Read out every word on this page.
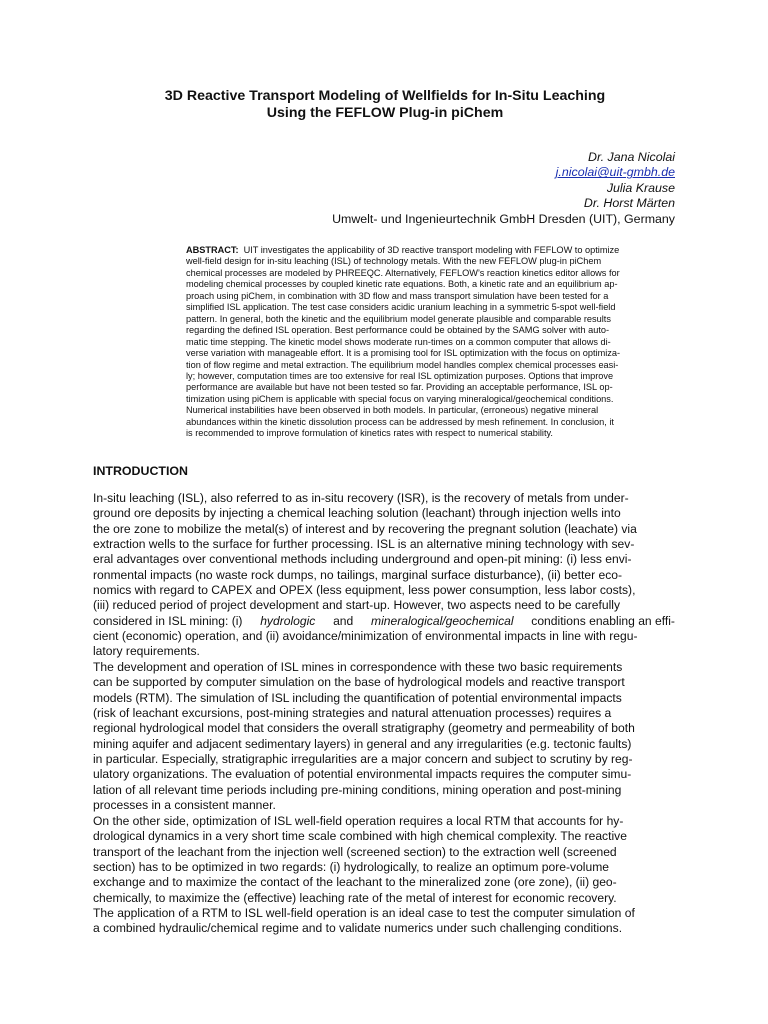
3D Reactive Transport Modeling of Wellfields for In-Situ Leaching
Using the FEFLOW Plug-in piChem
Dr. Jana Nicolai
j.nicolai@uit-gmbh.de
Julia Krause
Dr. Horst Märten
Umwelt- und Ingenieurtechnik GmbH Dresden (UIT), Germany
ABSTRACT: UIT investigates the applicability of 3D reactive transport modeling with FEFLOW to optimize
well-field design for in-situ leaching (ISL) of technology metals. With the new FEFLOW plug-in piChem
chemical processes are modeled by PHREEQC. Alternatively, FEFLOW’s reaction kinetics editor allows for
modeling chemical processes by coupled kinetic rate equations. Both, a kinetic rate and an equilibrium ap-
proach using piChem, in combination with 3D flow and mass transport simulation have been tested for a
simplified ISL application. The test case considers acidic uranium leaching in a symmetric 5-spot well-field
pattern. In general, both the kinetic and the equilibrium model generate plausible and comparable results
regarding the defined ISL operation. Best performance could be obtained by the SAMG solver with auto-
matic time stepping. The kinetic model shows moderate run-times on a common computer that allows di-
verse variation with manageable effort. It is a promising tool for ISL optimization with the focus on optimiza-
tion of flow regime and metal extraction. The equilibrium model handles complex chemical processes easi-
ly; however, computation times are too extensive for real ISL optimization purposes. Options that improve
performance are available but have not been tested so far. Providing an acceptable performance, ISL op-
timization using piChem is applicable with special focus on varying mineralogical/geochemical conditions.
Numerical instabilities have been observed in both models. In particular, (erroneous) negative mineral
abundances within the kinetic dissolution process can be addressed by mesh refinement. In conclusion, it
is recommended to improve formulation of kinetics rates with respect to numerical stability.
INTRODUCTION
In-situ leaching (ISL), also referred to as in-situ recovery (ISR), is the recovery of metals from under-
ground ore deposits by injecting a chemical leaching solution (leachant) through injection wells into
the ore zone to mobilize the metal(s) of interest and by recovering the pregnant solution (leachate) via
extraction wells to the surface for further processing. ISL is an alternative mining technology with sev-
eral advantages over conventional methods including underground and open-pit mining: (i) less envi-
ronmental impacts (no waste rock dumps, no tailings, marginal surface disturbance), (ii) better eco-
nomics with regard to CAPEX and OPEX (less equipment, less power consumption, less labor costs),
(iii) reduced period of project development and start-up. However, two aspects need to be carefully
considered in ISL mining: (i) hydrologic and mineralogical/geochemical conditions enabling an effi-
cient (economic) operation, and (ii) avoidance/minimization of environmental impacts in line with regu-
latory requirements.
The development and operation of ISL mines in correspondence with these two basic requirements
can be supported by computer simulation on the base of hydrological models and reactive transport
models (RTM). The simulation of ISL including the quantification of potential environmental impacts
(risk of leachant excursions, post-mining strategies and natural attenuation processes) requires a
regional hydrological model that considers the overall stratigraphy (geometry and permeability of both
mining aquifer and adjacent sedimentary layers) in general and any irregularities (e.g. tectonic faults)
in particular. Especially, stratigraphic irregularities are a major concern and subject to scrutiny by reg-
ulatory organizations. The evaluation of potential environmental impacts requires the computer simu-
lation of all relevant time periods including pre-mining conditions, mining operation and post-mining
processes in a consistent manner.
On the other side, optimization of ISL well-field operation requires a local RTM that accounts for hy-
drological dynamics in a very short time scale combined with high chemical complexity. The reactive
transport of the leachant from the injection well (screened section) to the extraction well (screened
section) has to be optimized in two regards: (i) hydrologically, to realize an optimum pore-volume
exchange and to maximize the contact of the leachant to the mineralized zone (ore zone), (ii) geo-
chemically, to maximize the (effective) leaching rate of the metal of interest for economic recovery.
The application of a RTM to ISL well-field operation is an ideal case to test the computer simulation of
a combined hydraulic/chemical regime and to validate numerics under such challenging conditions.
